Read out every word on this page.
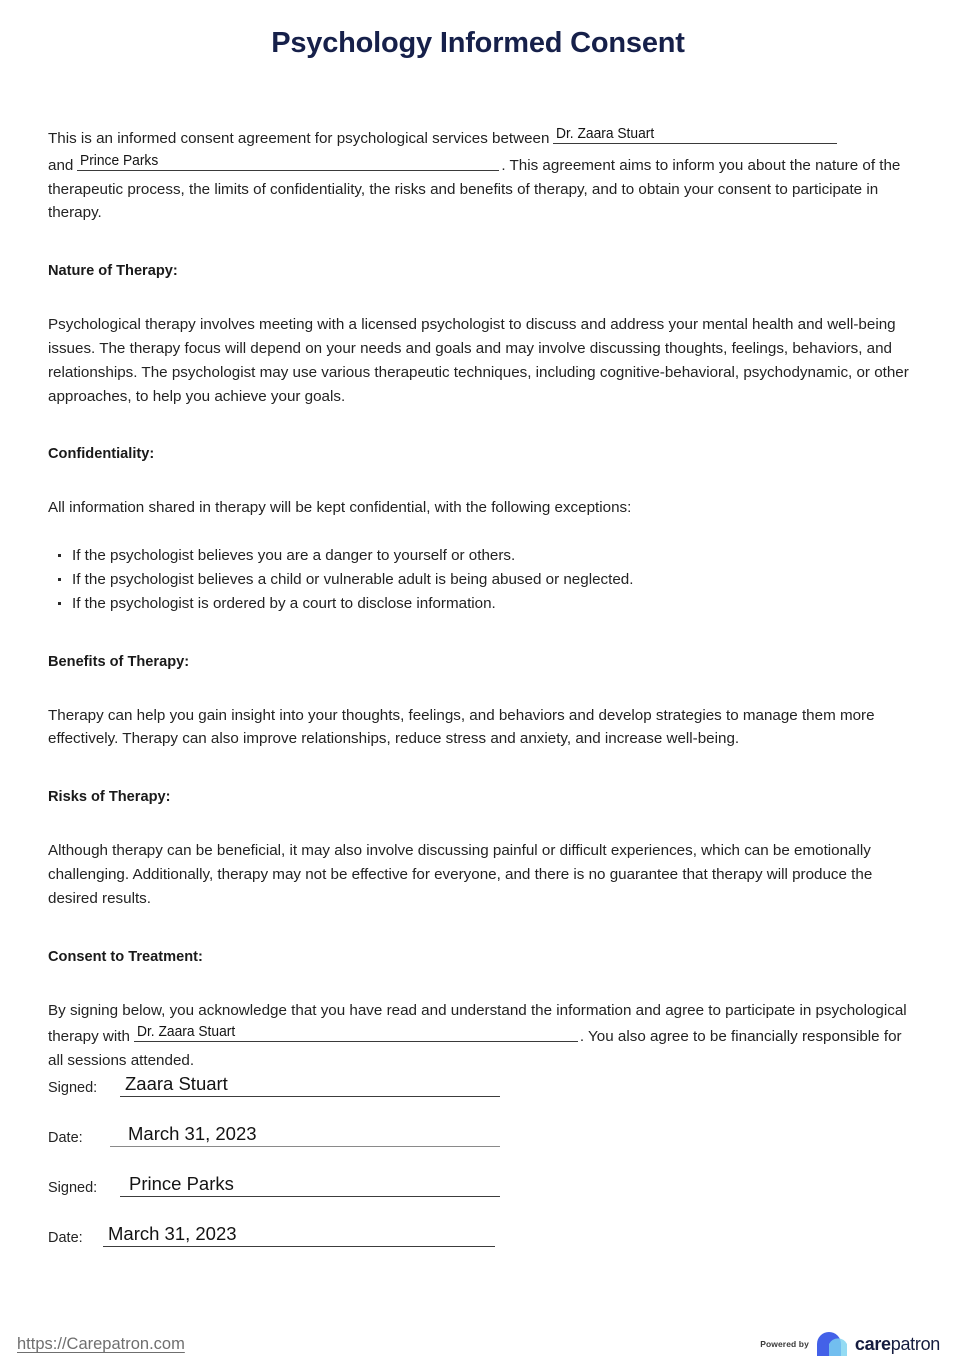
Psychology Informed Consent

This is an informed consent agreement for psychological services between Dr. Zaara Stuart

and Prince Parks	. This agreement aims to inform you about the nature of the therapeutic process, the limits of confidentiality, the risks and benefits of therapy, and to obtain your consent to participate in therapy.

Nature of Therapy:

Psychological therapy involves meeting with a licensed psychologist to discuss and address your mental health and well-being issues. The therapy focus will depend on your needs and goals and may involve discussing thoughts, feelings, behaviors, and relationships. The psychologist may use various therapeutic techniques, including cognitive-behavioral, psychodynamic, or other approaches, to help you achieve your goals.

Confidentiality:

All information shared in therapy will be kept confidential, with the following exceptions:

If the psychologist believes you are a danger to yourself or others.
If the psychologist believes a child or vulnerable adult is being abused or neglected.
If the psychologist is ordered by a court to disclose information.
Benefits of Therapy:

Therapy can help you gain insight into your thoughts, feelings, and behaviors and develop strategies to manage them more effectively. Therapy can also improve relationships, reduce stress and anxiety, and increase well-being.

Risks of Therapy:

Although therapy can be beneficial, it may also involve discussing painful or difficult experiences, which can be emotionally challenging. Additionally, therapy may not be effective for everyone, and there is no guarantee that therapy will produce the desired results.

Consent to Treatment:

By signing below, you acknowledge that you have read and understand the information and agree to participate in psychological therapy with Dr. Zaara Stuart	. You also agree to be financially responsible for all sessions attended.

Signed: Zaara Stuart
Date: March 31, 2023
Signed: Prince Parks
Date: March 31, 2023
https://Carepatron.com	Powered by	carepatron
